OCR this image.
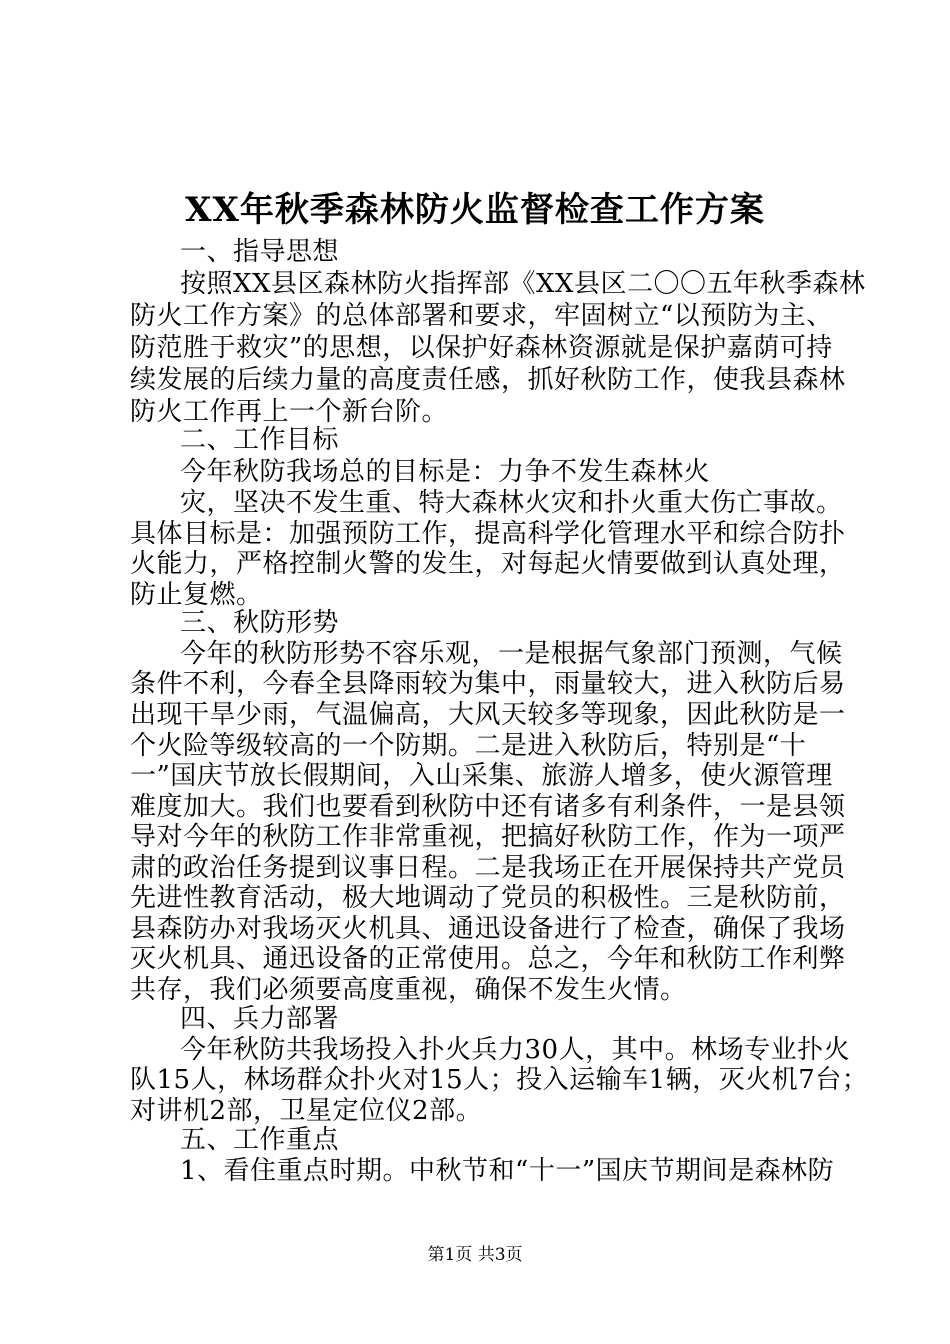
XX年秋季森林防火监督检查工作方案
一、指导思想
按照XX县区森林防火指挥部《XX县区二〇〇五年秋季森林
防火工作方案》的总体部署和要求，牢固树立“以预防为主、
防范胜于救灾”的思想，以保护好森林资源就是保护嘉荫可持
续发展的后续力量的高度责任感，抓好秋防工作，使我县森林
防火工作再上一个新台阶。
二、工作目标
今年秋防我场总的目标是：力争不发生森林火
灾，坚决不发生重、特大森林火灾和扑火重大伤亡事故。
具体目标是：加强预防工作，提高科学化管理水平和综合防扑
火能力，严格控制火警的发生，对每起火情要做到认真处理，
防止复燃。
三、秋防形势
今年的秋防形势不容乐观，一是根据气象部门预测，气候
条件不利，今春全县降雨较为集中，雨量较大，进入秋防后易
出现干旱少雨，气温偏高，大风天较多等现象，因此秋防是一
个火险等级较高的一个防期。二是进入秋防后，特别是“十
一”国庆节放长假期间，入山采集、旅游人增多，使火源管理
难度加大。我们也要看到秋防中还有诸多有利条件，一是县领
导对今年的秋防工作非常重视，把搞好秋防工作，作为一项严
肃的政治任务提到议事日程。二是我场正在开展保持共产党员
先进性教育活动，极大地调动了党员的积极性。三是秋防前，
县森防办对我场灭火机具、通迅设备进行了检查，确保了我场
灭火机具、通迅设备的正常使用。总之，今年和秋防工作利弊
共存，我们必须要高度重视，确保不发生火情。
四、兵力部署
今年秋防共我场投入扑火兵力30人，其中。林场专业扑火
队15人，林场群众扑火对15人；投入运输车1辆，灭火机7台；
对讲机2部，卫星定位仪2部。
五、工作重点
1、看住重点时期。中秋节和“十一”国庆节期间是森林防
第1页 共3页
